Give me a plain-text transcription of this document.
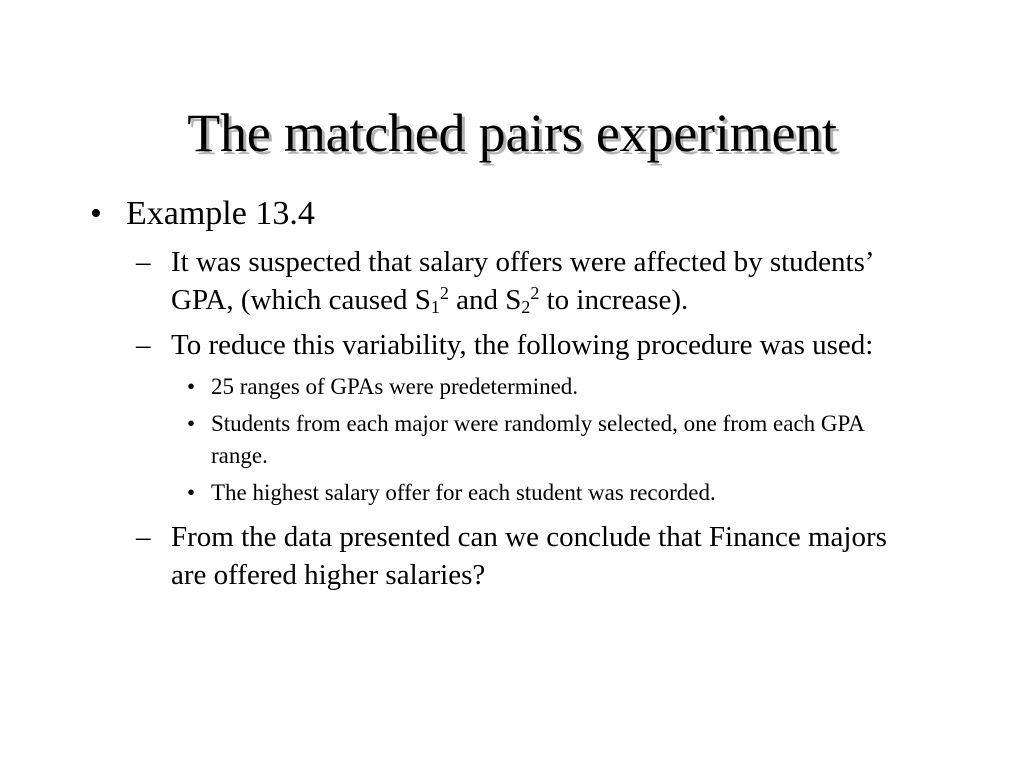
The matched pairs experiment
• Example 13.4
– It was suspected that salary offers were affected by students’ GPA, (which caused $S_1^2$ and $S_2^2$ to increase).
– To reduce this variability, the following procedure was used:
• 25 ranges of GPAs were predetermined.
• Students from each major were randomly selected, one from each GPA range.
• The highest salary offer for each student was recorded.
– From the data presented can we conclude that Finance majors are offered higher salaries?
